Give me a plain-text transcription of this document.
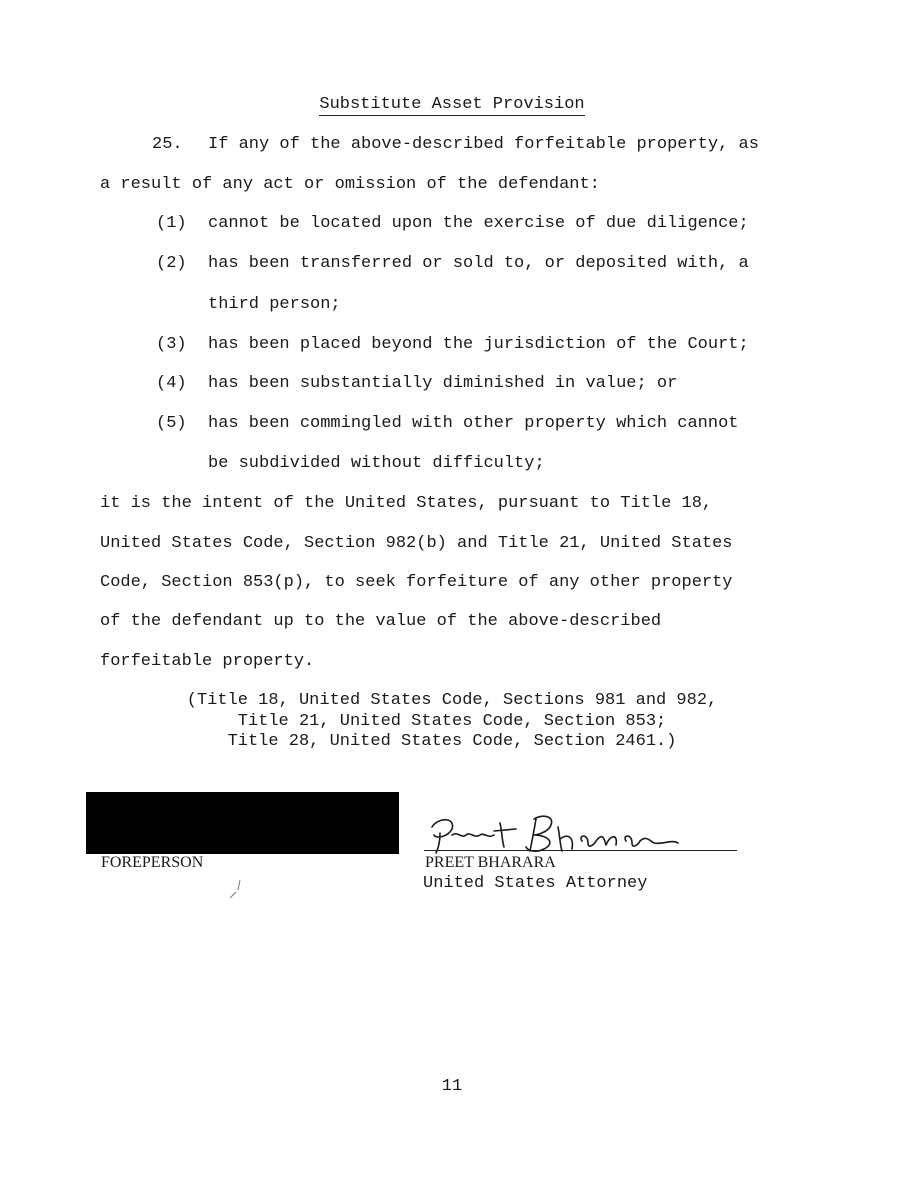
Substitute Asset Provision
25. If any of the above-described forfeitable property, as
a result of any act or omission of the defendant:
(1) cannot be located upon the exercise of due diligence;
(2) has been transferred or sold to, or deposited with, a
third person;
(3) has been placed beyond the jurisdiction of the Court;
(4) has been substantially diminished in value; or
(5) has been commingled with other property which cannot
be subdivided without difficulty;
it is the intent of the United States, pursuant to Title 18,
United States Code, Section 982(b) and Title 21, United States
Code, Section 853(p), to seek forfeiture of any other property
of the defendant up to the value of the above-described
forfeitable property.
(Title 18, United States Code, Sections 981 and 982,
Title 21, United States Code, Section 853;
Title 28, United States Code, Section 2461.)
FOREPERSON	PREET BHARARA
United States Attorney
11
